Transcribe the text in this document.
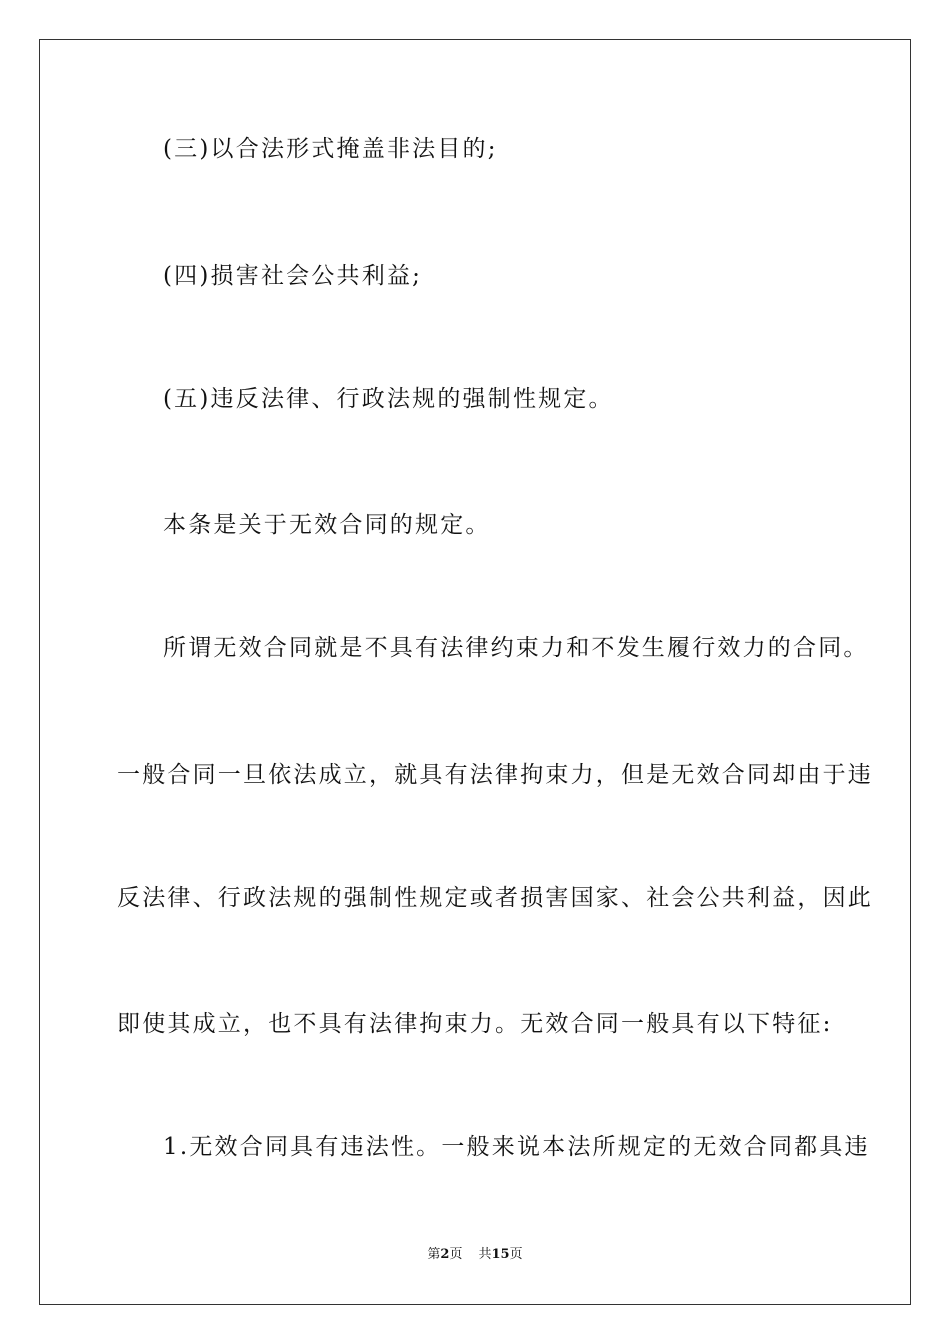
(三)以合法形式掩盖非法目的;
(四)损害社会公共利益;
(五)违反法律、行政法规的强制性规定。
本条是关于无效合同的规定。
所谓无效合同就是不具有法律约束力和不发生履行效力的合同。
一般合同一旦依法成立，就具有法律拘束力，但是无效合同却由于违
反法律、行政法规的强制性规定或者损害国家、社会公共利益，因此
即使其成立，也不具有法律拘束力。无效合同一般具有以下特征:
1.无效合同具有违法性。一般来说本法所规定的无效合同都具违
第2页 共15页
